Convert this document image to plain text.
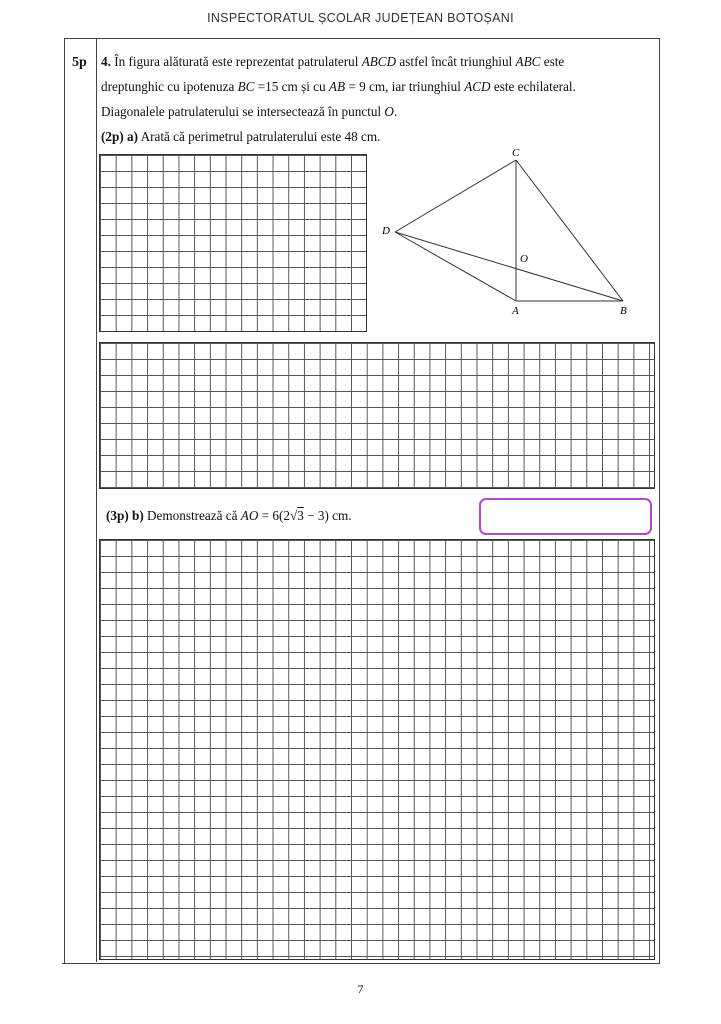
INSPECTORATUL ȘCOLAR JUDEȚEAN BOTOȘANI
5p 4. În figura alăturată este reprezentat patrulaterul ABCD astfel încât triunghiul ABC este
dreptunghic cu ipotenuza BC =15 cm și cu AB = 9 cm, iar triunghiul ACD este echilateral.
Diagonalele patrulaterului se intersectează în punctul O.
(2p) a) Arată că perimetrul patrulaterului este 48 cm.
C
D
O
A	B
(3p) b) Demonstrează că AO = 6(2√3 − 3) cm.
7
